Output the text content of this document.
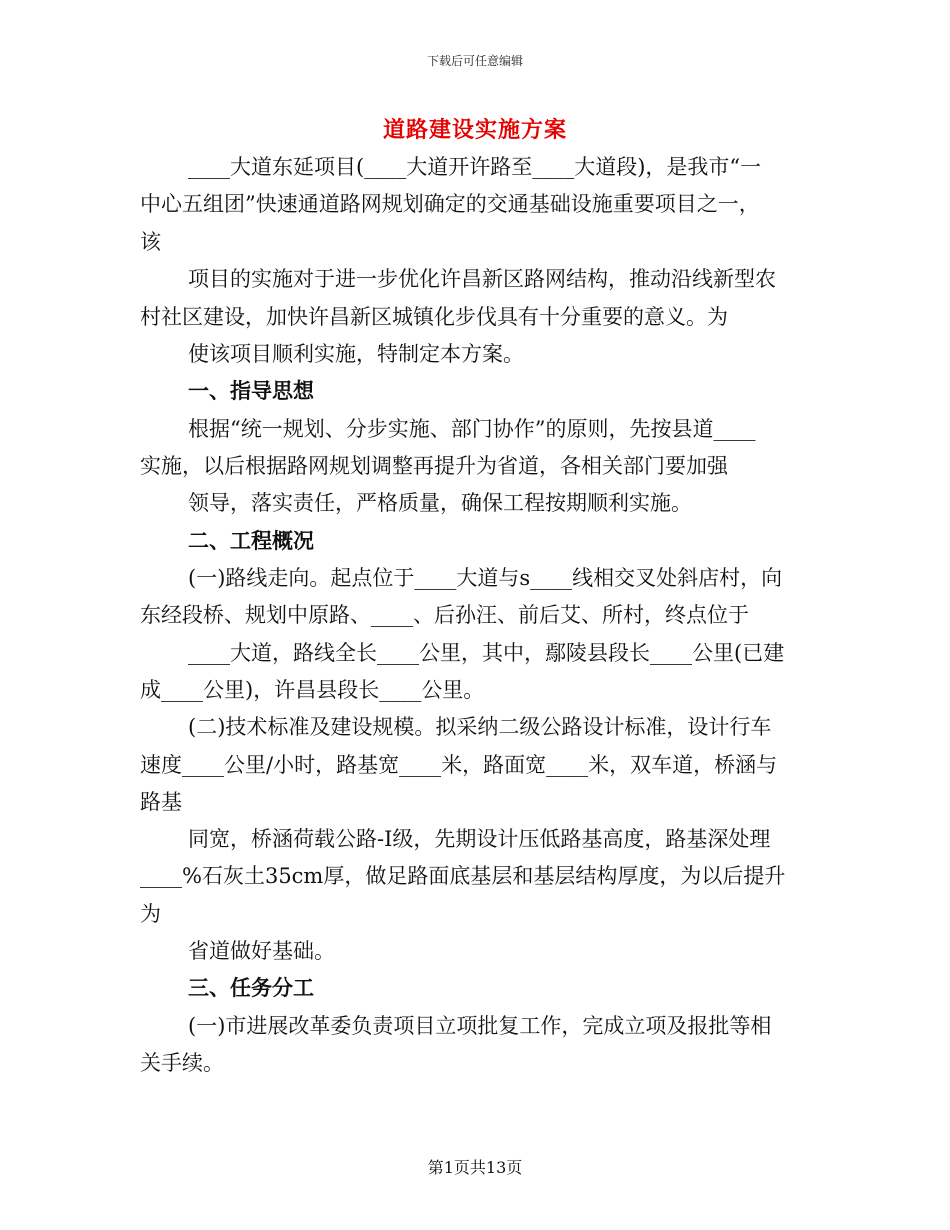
下载后可任意编辑
道路建设实施方案
____大道东延项目(____大道开许路至____大道段)，是我市“一
中心五组团”快速通道路网规划确定的交通基础设施重要项目之一，
该
项目的实施对于进一步优化许昌新区路网结构，推动沿线新型农
村社区建设，加快许昌新区城镇化步伐具有十分重要的意义。为
使该项目顺利实施，特制定本方案。
一、指导思想
根据“统一规划、分步实施、部门协作”的原则，先按县道____
实施，以后根据路网规划调整再提升为省道，各相关部门要加强
领导，落实责任，严格质量，确保工程按期顺利实施。
二、工程概况
(一)路线走向。起点位于____大道与s____线相交叉处斜店村，向
东经段桥、规划中原路、____、后孙汪、前后艾、所村，终点位于
____大道，路线全长____公里，其中，鄢陵县段长____公里(已建
成____公里)，许昌县段长____公里。
(二)技术标准及建设规模。拟采纳二级公路设计标准，设计行车
速度____公里/小时，路基宽____米，路面宽____米，双车道，桥涵与
路基
同宽，桥涵荷载公路-Ⅰ级，先期设计压低路基高度，路基深处理
____%石灰土35cm厚，做足路面底基层和基层结构厚度，为以后提升
为
省道做好基础。
三、任务分工
(一)市进展改革委负责项目立项批复工作，完成立项及报批等相
关手续。
第1页共13页
